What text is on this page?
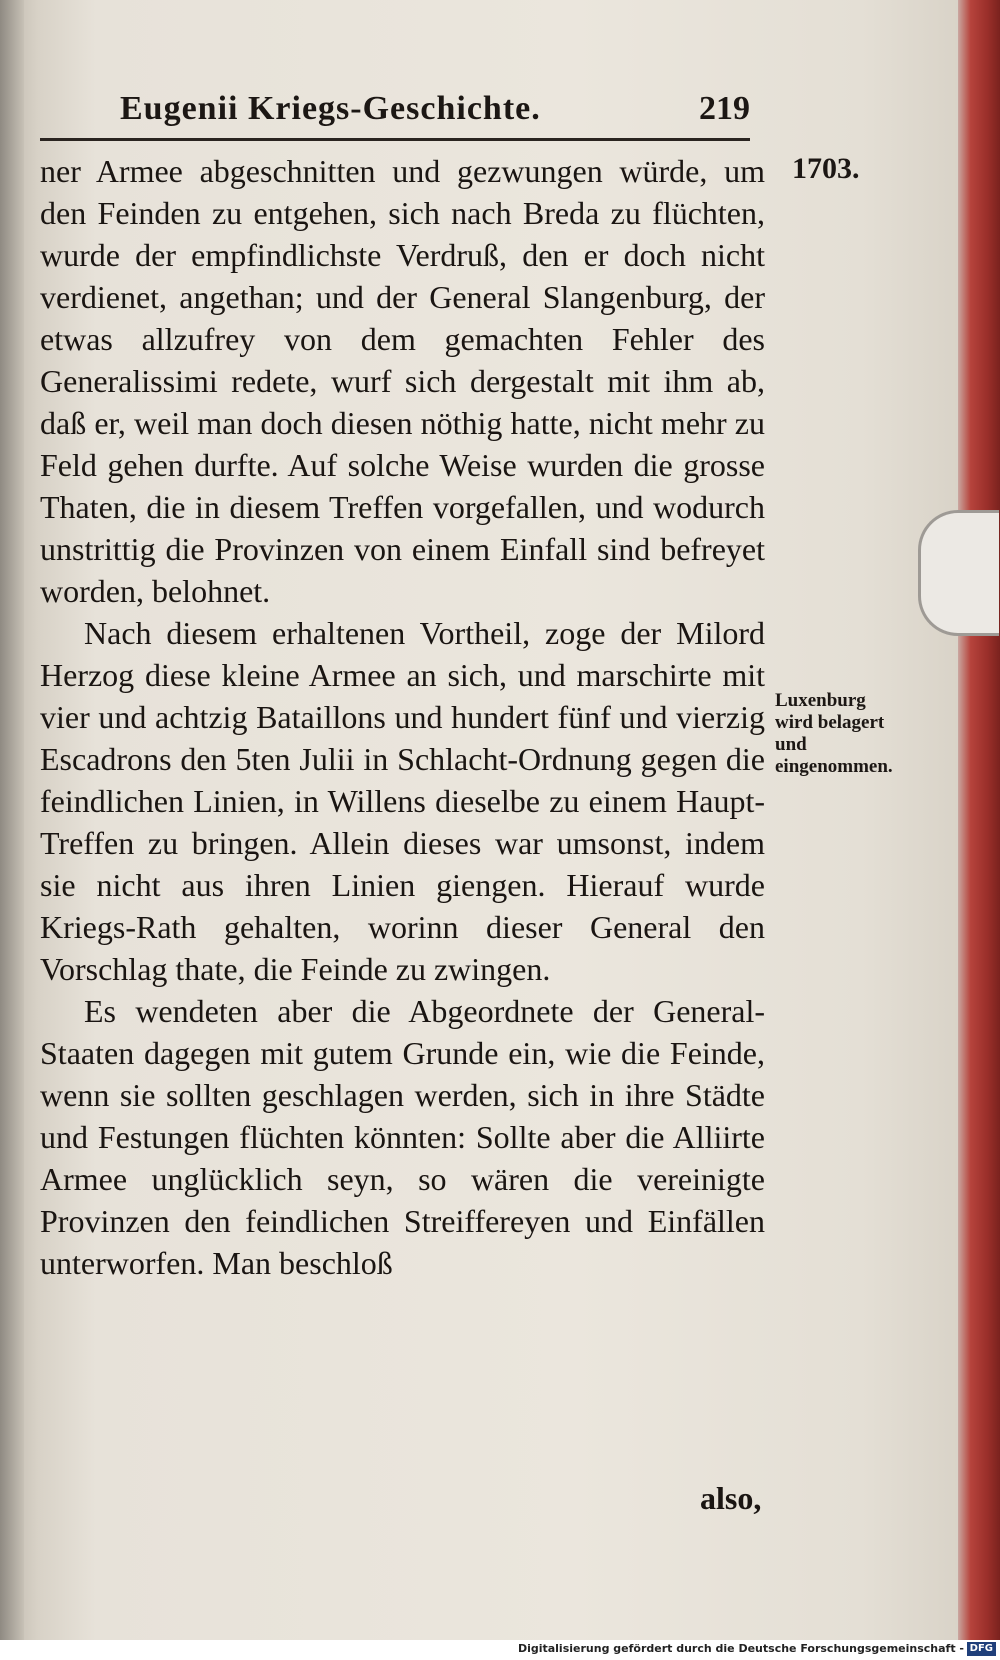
Eugenii Kriegs-Geschichte.	219
1703.

ner Armee abgeschnitten und gezwungen würde, um den Feinden zu entgehen, sich nach Breda zu flüchten, wurde der empfindlichste Verdruß, den er doch nicht verdienet, angethan; und der General Slangenburg, der etwas allzufrey von dem gemachten Fehler des Generalissimi redete, wurf sich dergestalt mit ihm ab, daß er, weil man doch diesen nöthig hatte, nicht mehr zu Feld gehen durfte. Auf solche Weise wurden die grosse Thaten, die in diesem Treffen vorgefallen, und wodurch unstrittig die Provinzen von einem Einfall sind befreyet worden, belohnet.

Nach diesem erhaltenen Vortheil, zoge der Milord Herzog diese kleine Armee an sich, und marschirte mit vier und achtzig Bataillons und hundert fünf und vierzig Escadrons den 5ten Julii in Schlacht-Ordnung gegen die feindlichen Linien, in Willens dieselbe zu einem Haupt-Treffen zu bringen. Allein dieses war umsonst, indem sie nicht aus ihren Linien giengen. Hierauf wurde Kriegs-Rath gehalten, worinn dieser General den Vorschlag thate, die Feinde zu zwingen.

Es wendeten aber die Abgeordnete der General-Staaten dagegen mit gutem Grunde ein, wie die Feinde, wenn sie sollten geschlagen werden, sich in ihre Städte und Festungen flüchten könnten: Sollte aber die Alliirte Armee unglücklich seyn, so wären die vereinigte Provinzen den feindlichen Streiffereyen und Einfällen unterworfen. Man beschloß

Luxenburg wird belagert und eingenommen.
also,
Digitalisierung gefördert durch die Deutsche Forschungsgemeinschaft - DFG
